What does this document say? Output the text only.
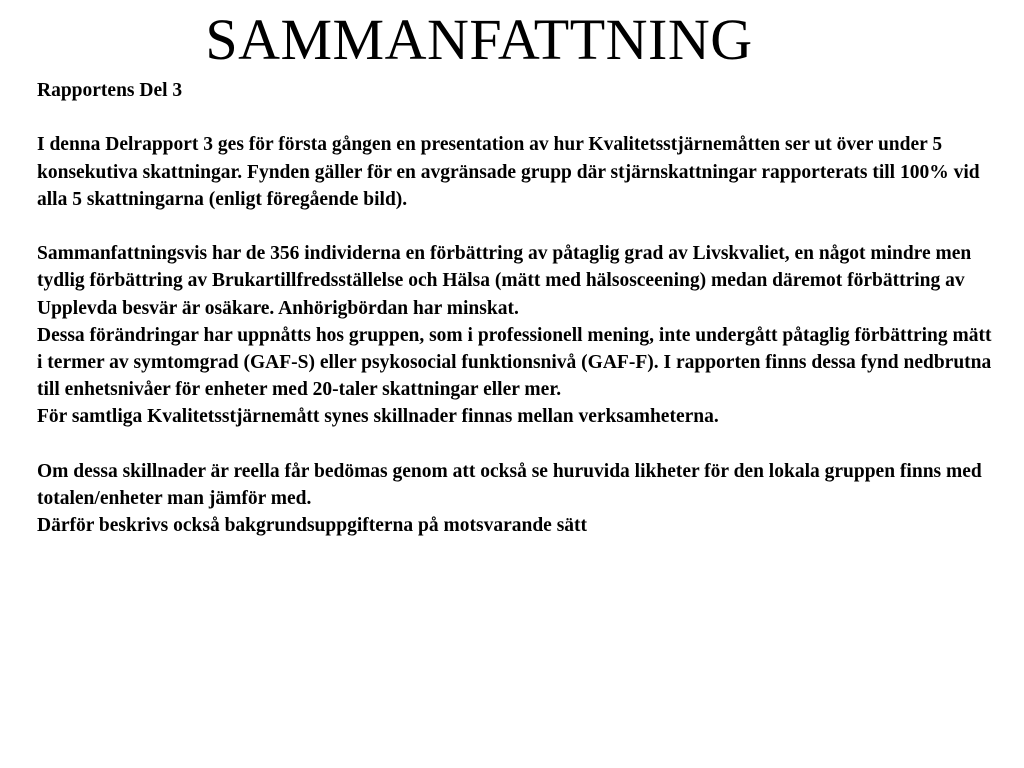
SAMMANFATTNING

Rapportens Del 3

I denna Delrapport 3 ges för första gången en presentation av hur Kvalitetsstjärnemåtten ser ut över under 5 konsekutiva skattningar. Fynden gäller för en avgränsade grupp där stjärnskattningar rapporterats till 100% vid alla 5 skattningarna (enligt föregående bild).

Sammanfattningsvis har de 356 individerna en förbättring av påtaglig grad av Livskvaliet, en något mindre men tydlig förbättring av Brukartillfredsställelse och Hälsa (mätt med hälsosceening) medan däremot förbättring av Upplevda besvär är osäkare. Anhörigbördan har minskat.

Dessa förändringar har uppnåtts hos gruppen, som i professionell mening, inte undergått påtaglig förbättring mätt i termer av symtomgrad (GAF-S) eller psykosocial funktionsnivå (GAF-F). I rapporten finns dessa fynd nedbrutna till enhetsnivåer för enheter med 20-taler skattningar eller mer.

För samtliga Kvalitetsstjärnemått synes skillnader finnas mellan verksamheterna.

Om dessa skillnader är reella får bedömas genom att också se huruvida likheter för den lokala gruppen finns med totalen/enheter man jämför med.

Därför beskrivs också bakgrundsuppgifterna på motsvarande sätt
